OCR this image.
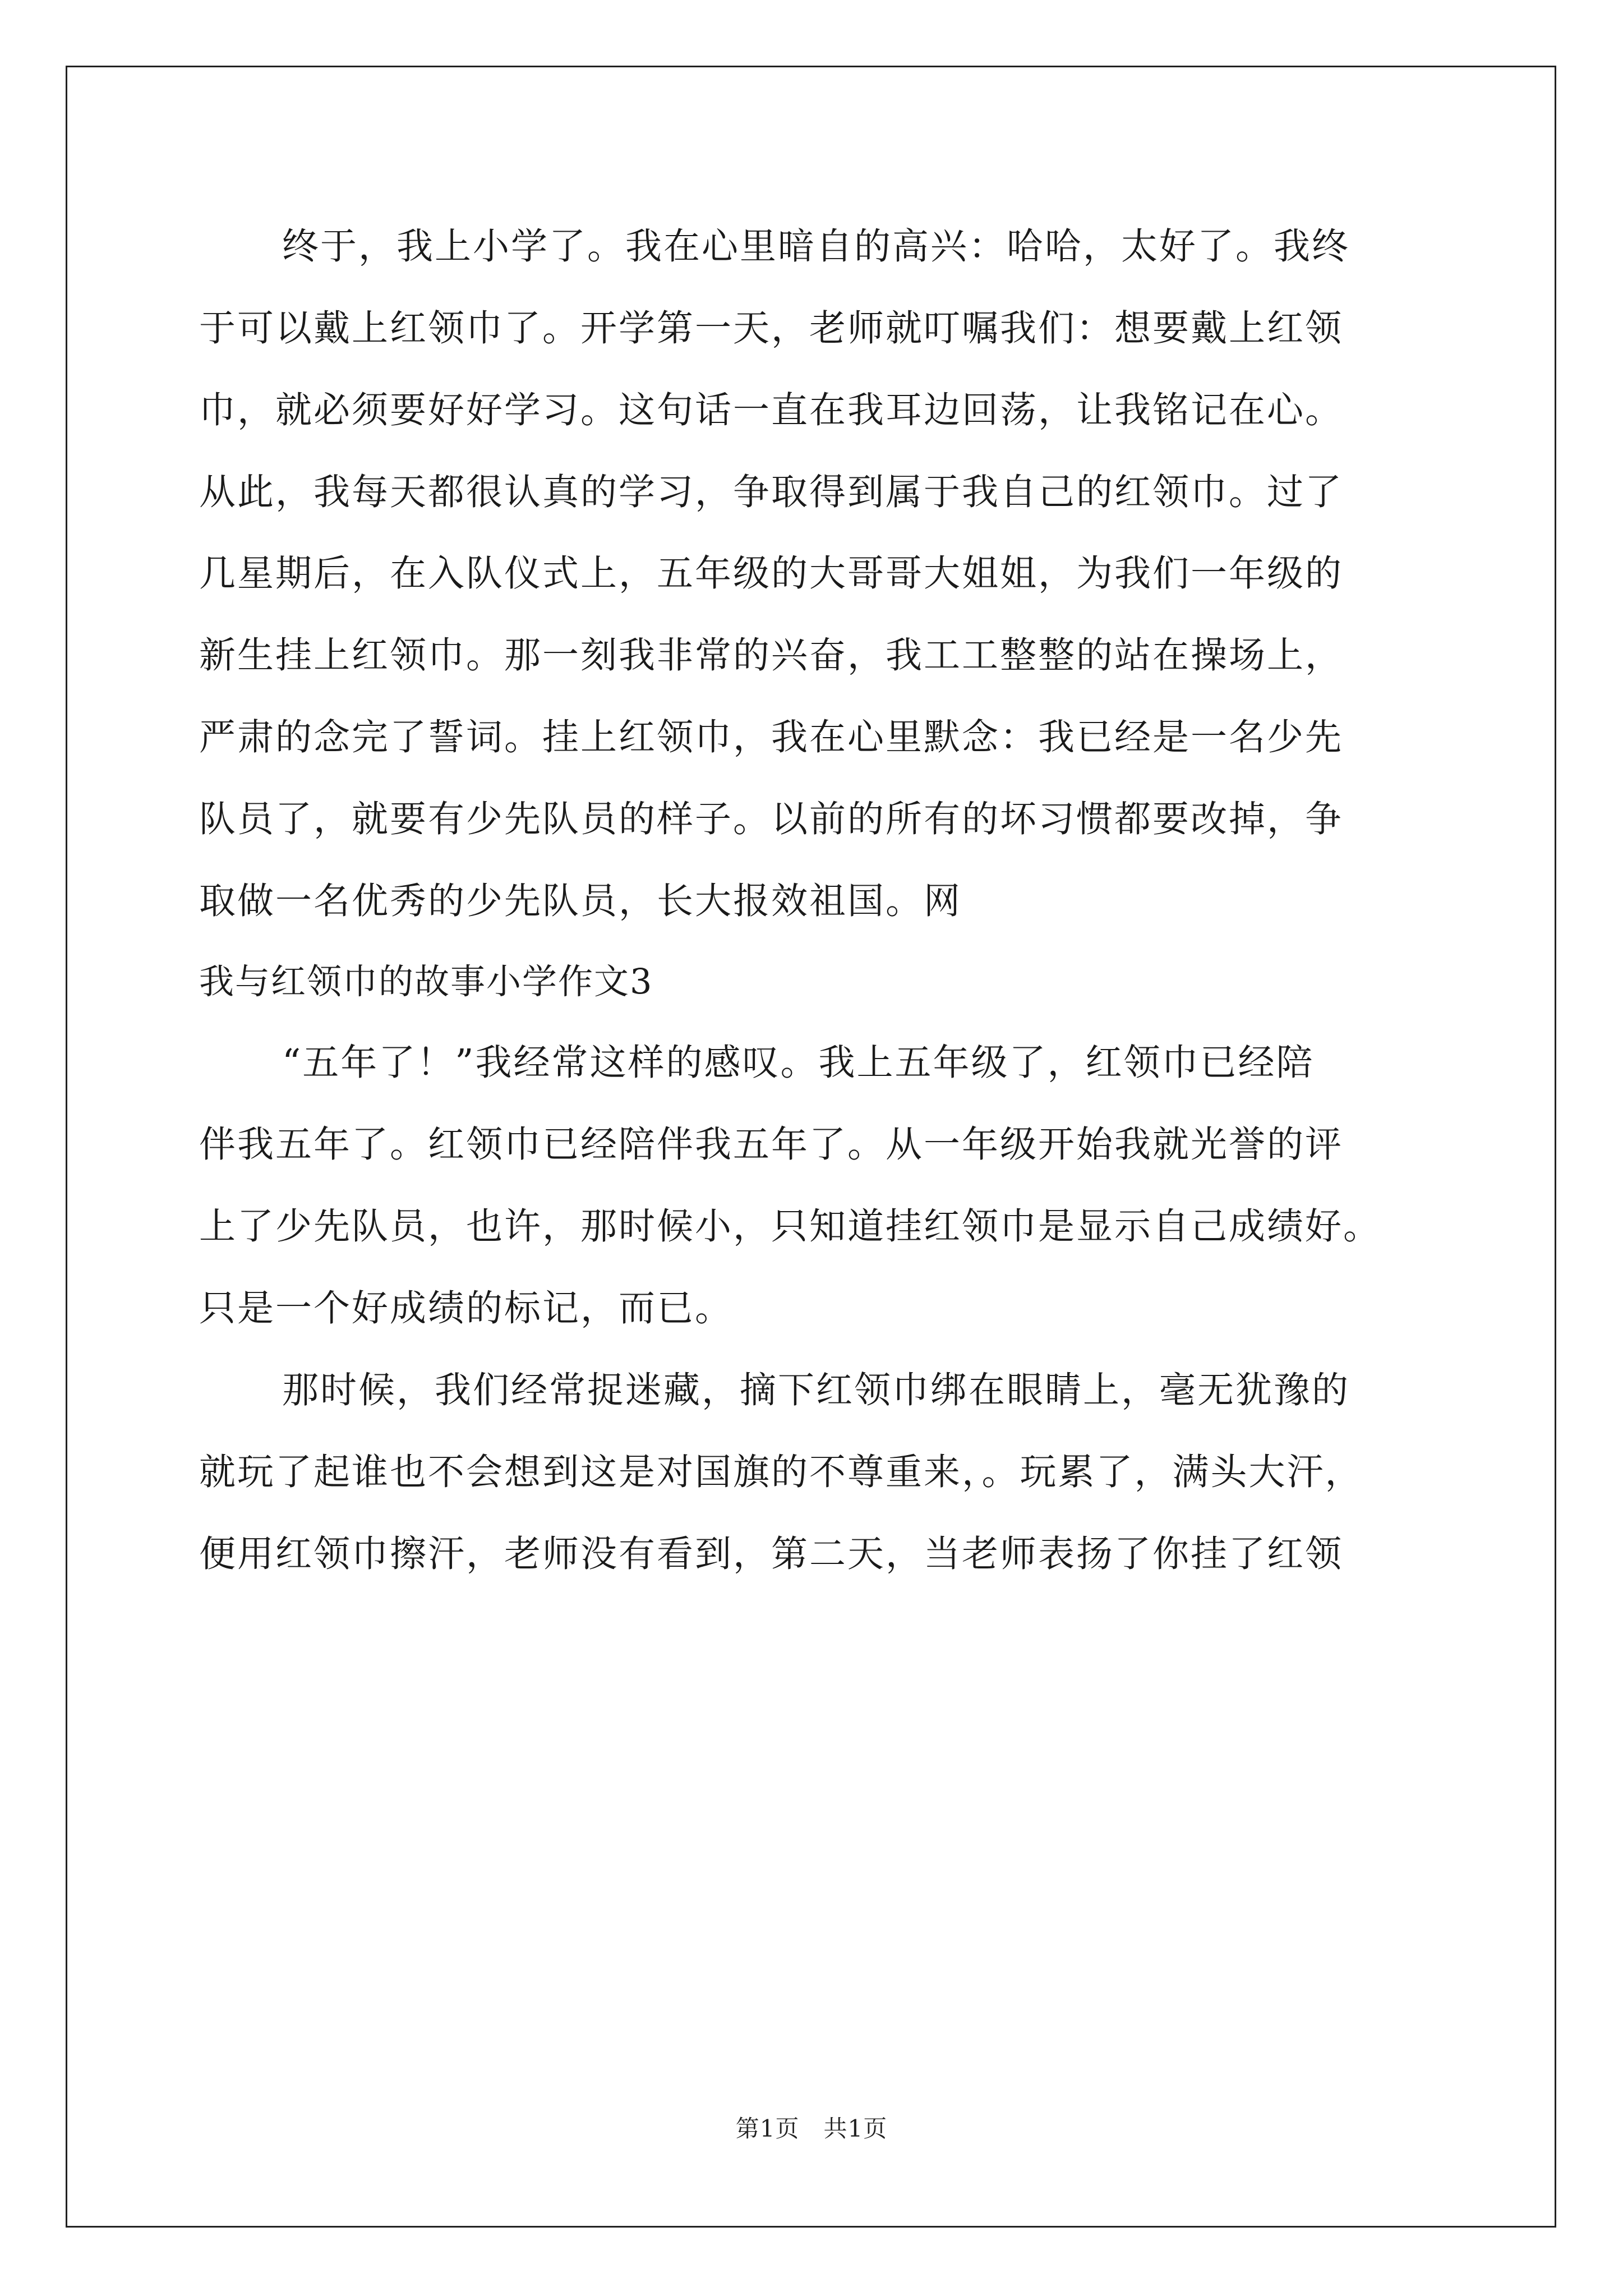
终于，我上小学了。我在心里暗自的高兴：哈哈，太好了。我终
于可以戴上红领巾了。开学第一天，老师就叮嘱我们：想要戴上红领
巾，就必须要好好学习。这句话一直在我耳边回荡，让我铭记在心。
从此，我每天都很认真的学习，争取得到属于我自己的红领巾。过了
几星期后，在入队仪式上，五年级的大哥哥大姐姐，为我们一年级的
新生挂上红领巾。那一刻我非常的兴奋，我工工整整的站在操场上，
严肃的念完了誓词。挂上红领巾，我在心里默念：我已经是一名少先
队员了，就要有少先队员的样子。以前的所有的坏习惯都要改掉，争
取做一名优秀的少先队员，长大报效祖国。网
我与红领巾的故事小学作文3
“五年了！”我经常这样的感叹。我上五年级了，红领巾已经陪
伴我五年了。红领巾已经陪伴我五年了。从一年级开始我就光誉的评
上了少先队员，也许，那时候小，只知道挂红领巾是显示自己成绩好。
只是一个好成绩的标记，而已。
那时候，我们经常捉迷藏，摘下红领巾绑在眼睛上，毫无犹豫的
就玩了起谁也不会想到这是对国旗的不尊重来，。玩累了，满头大汗，
便用红领巾擦汗，老师没有看到，第二天，当老师表扬了你挂了红领
第1页　共1页
